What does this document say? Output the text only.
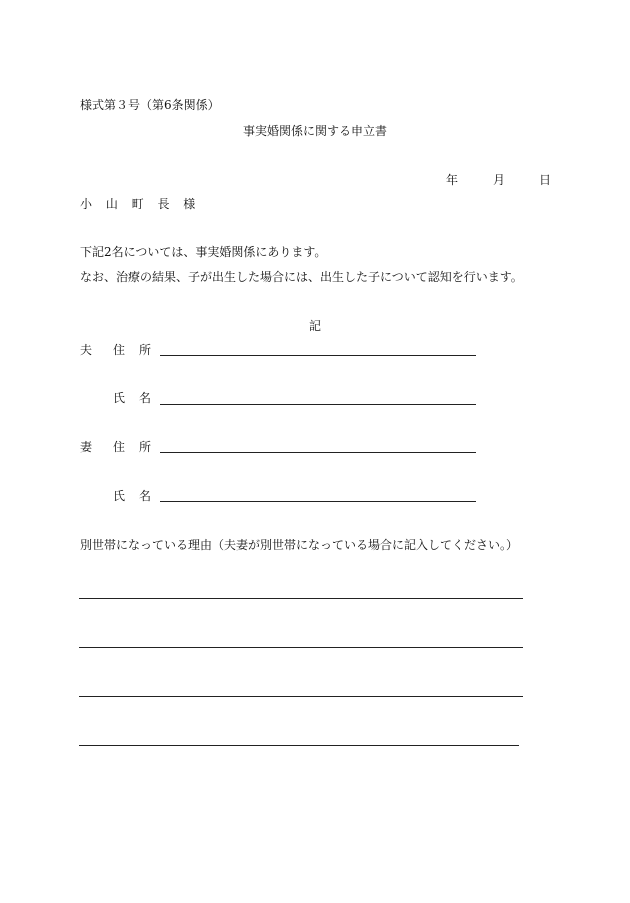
様式第３号（第6条関係）
事実婚関係に関する申立書
年	月	日
小 山 町 長 様
下記2名については、事実婚関係にあります。
なお、治療の結果、子が出生した場合には、出生した子について認知を行います。
記
夫 住 所
氏 名
妻 住 所
氏 名
別世帯になっている理由（夫妻が別世帯になっている場合に記入してください。）
